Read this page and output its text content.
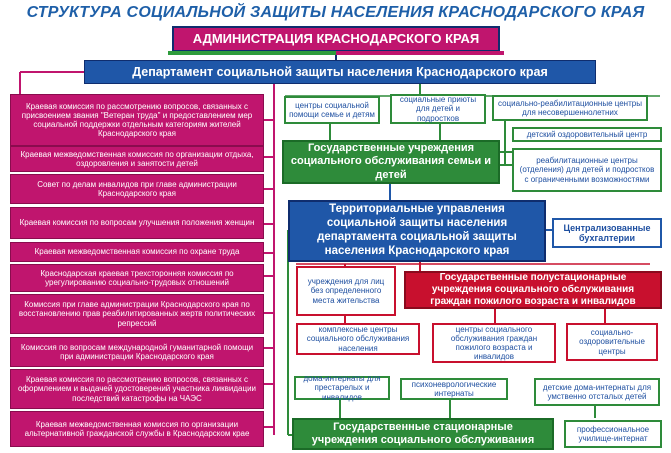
СТРУКТУРА СОЦИАЛЬНОЙ ЗАЩИТЫ НАСЕЛЕНИЯ КРАСНОДАРСКОГО КРАЯ
АДМИНИСТРАЦИЯ КРАСНОДАРСКОГО КРАЯ
Департамент социальной защиты населения Краснодарского края
Краевая комиссия по рассмотрению вопросов, связанных с присвоением звания "Ветеран труда" и предоставлением мер социальной поддержки отдельным категориям жителей Краснодарского края
Краевая межведомственная комиссия по организации отдыха, оздоровления и занятости детей
Совет по делам инвалидов при главе администрации Краснодарского края
Краевая комиссия по вопросам улучшения положения женщин
Краевая межведомственная комиссия по охране труда
Краснодарская краевая трехсторонняя комиссия по урегулированию социально-трудовых отношений
Комиссия при главе администрации Краснодарского края по восстановлению прав реабилитированных жертв политических репрессий
Комиссия по вопросам международной гуманитарной помощи при администрации Краснодарского края
Краевая комиссия по рассмотрению вопросов, связанных с оформлением и выдачей удостоверений участника ликвидации последствий катастрофы на ЧАЭС
Краевая межведомственная комиссия по организации альтернативной гражданской службы в Краснодарском крае
центры социальной помощи семье и детям
социальные приюты для детей и подростков
социально-реабилитационные центры для несовершеннолетних
детский оздоровительный центр
Государственные учреждения социального обслуживания семьи и детей
реабилитационные центры (отделения) для детей и подростков с ограниченными возможностями
Территориальные управления социальной защиты населения департамента социальной защиты населения Краснодарского края
Централизованные бухгалтерии
учреждения для лиц без определенного места жительства
Государственные полустационарные учреждения социального обслуживания граждан пожилого возраста и инвалидов
комплексные центры социального обслуживания населения
центры социального обслуживания граждан пожилого возраста и инвалидов
социально-оздоровительные центры
дома-интернаты для престарелых и инвалидов
психоневрологические интернаты
детские дома-интернаты для умственно отсталых детей
Государственные стационарные учреждения социального обслуживания
профессиональное училище-интернат
